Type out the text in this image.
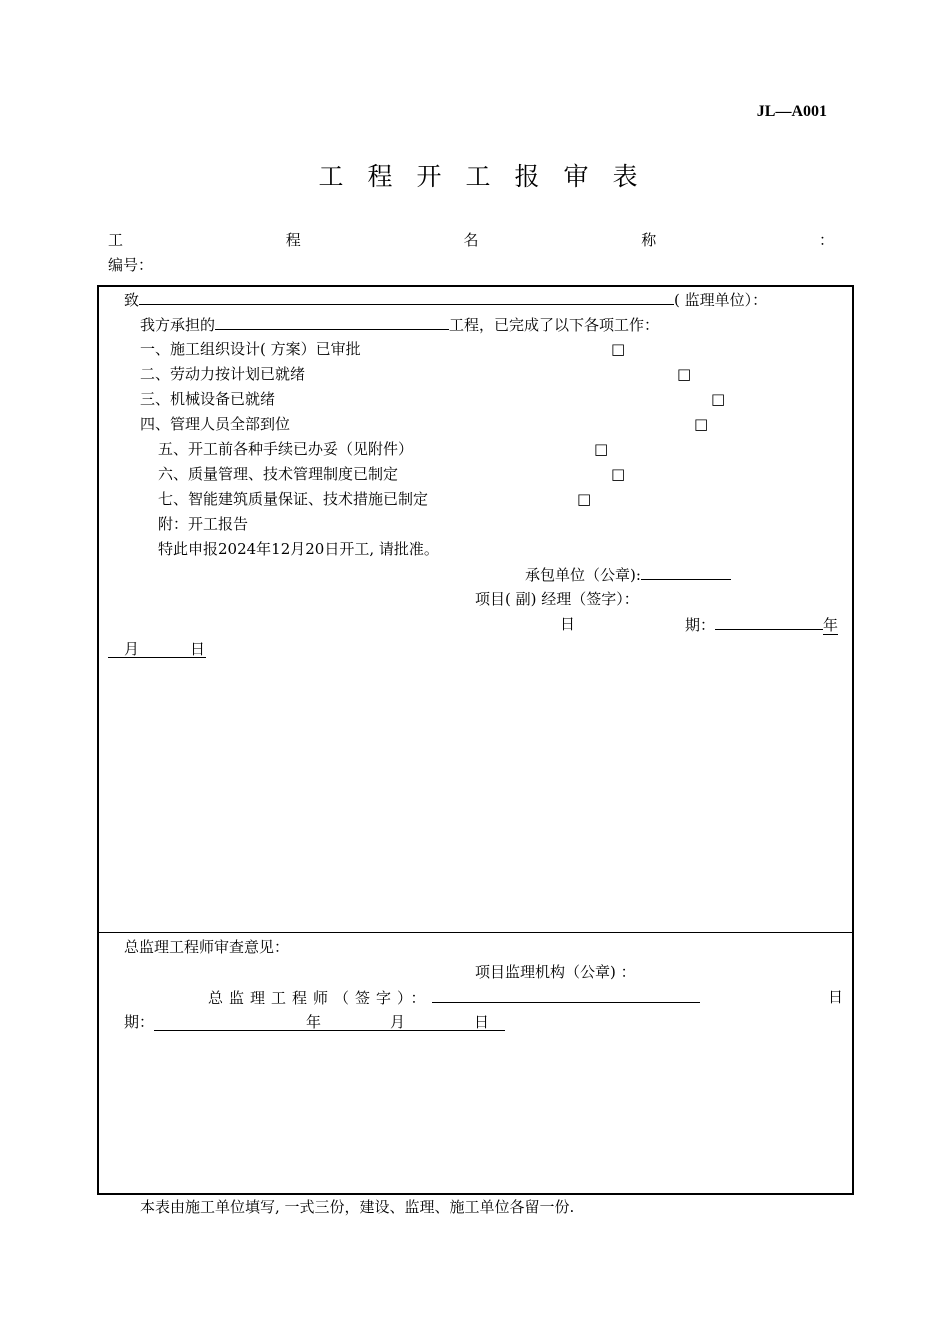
JL—A001
工程开工报审表
工	程	名	称	：
编号：
致	( 监理单位）：
我方承担的	工程，已完成了以下各项工作：
一、施工组织设计( 方案）已审批	□
二、劳动力按计划已就绪	□
三、机械设备已就绪	□
四、管理人员全部到位	□
五、开工前各种手续已办妥（见附件）	□
六、质量管理、技术管理制度已制定	□
七、智能建筑质量保证、技术措施已制定	□
附：开工报告
特此申报2024年12月20日开工, 请批准。
承包单位（公章):
项目( 副) 经理（签字）：
日	期：	年
月	日
总监理工程师审查意见：
项目监理机构（公章) ：
总监理工程师（签字）：	日
期：	年	月	日
本表由施工单位填写, 一式三份，建设、监理、施工单位各留一份.
